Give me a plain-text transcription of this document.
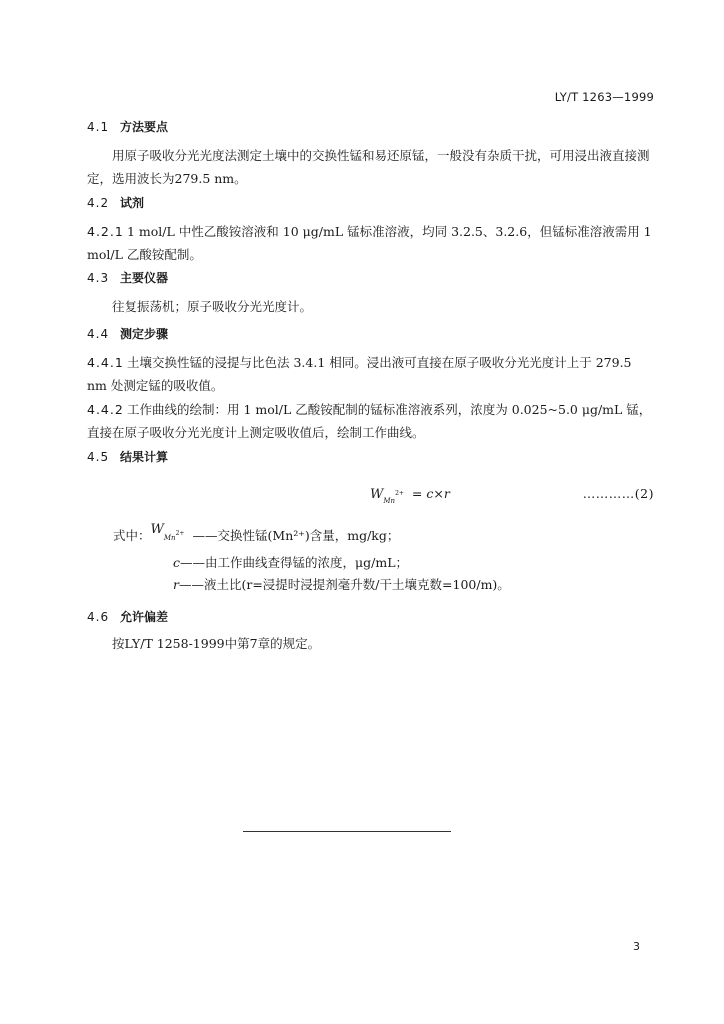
LY/T 1263—1999
4.1 方法要点
用原子吸收分光光度法测定土壤中的交换性锰和易还原锰，一般没有杂质干扰，可用浸出液直接测定，选用波长为279.5 nm。
4.2 试剂
4.2.1 1 mol/L 中性乙酸铵溶液和 10 μg/mL 锰标准溶液，均同 3.2.5、3.2.6，但锰标准溶液需用 1 mol/L 乙酸铵配制。
4.3 主要仪器
往复振荡机；原子吸收分光光度计。
4.4 测定步骤
4.4.1 土壤交换性锰的浸提与比色法 3.4.1 相同。浸出液可直接在原子吸收分光光度计上于 279.5 nm 处测定锰的吸收值。
4.4.2 工作曲线的绘制：用 1 mol/L 乙酸铵配制的锰标准溶液系列，浓度为 0.025~5.0 μg/mL 锰，直接在原子吸收分光光度计上测定吸收值后，绘制工作曲线。
4.5 结果计算
$W_{Mn}^{2+} = c\times r$	…………(2)
式中：WMn$^{2+}$ ——交换性锰(Mn²⁺)含量，mg/kg；
c——由工作曲线查得锰的浓度，μg/mL；
r——液土比(r=浸提时浸提剂毫升数/干土壤克数=100/m)。
4.6 允许偏差
按LY/T 1258-1999中第7章的规定。
3
